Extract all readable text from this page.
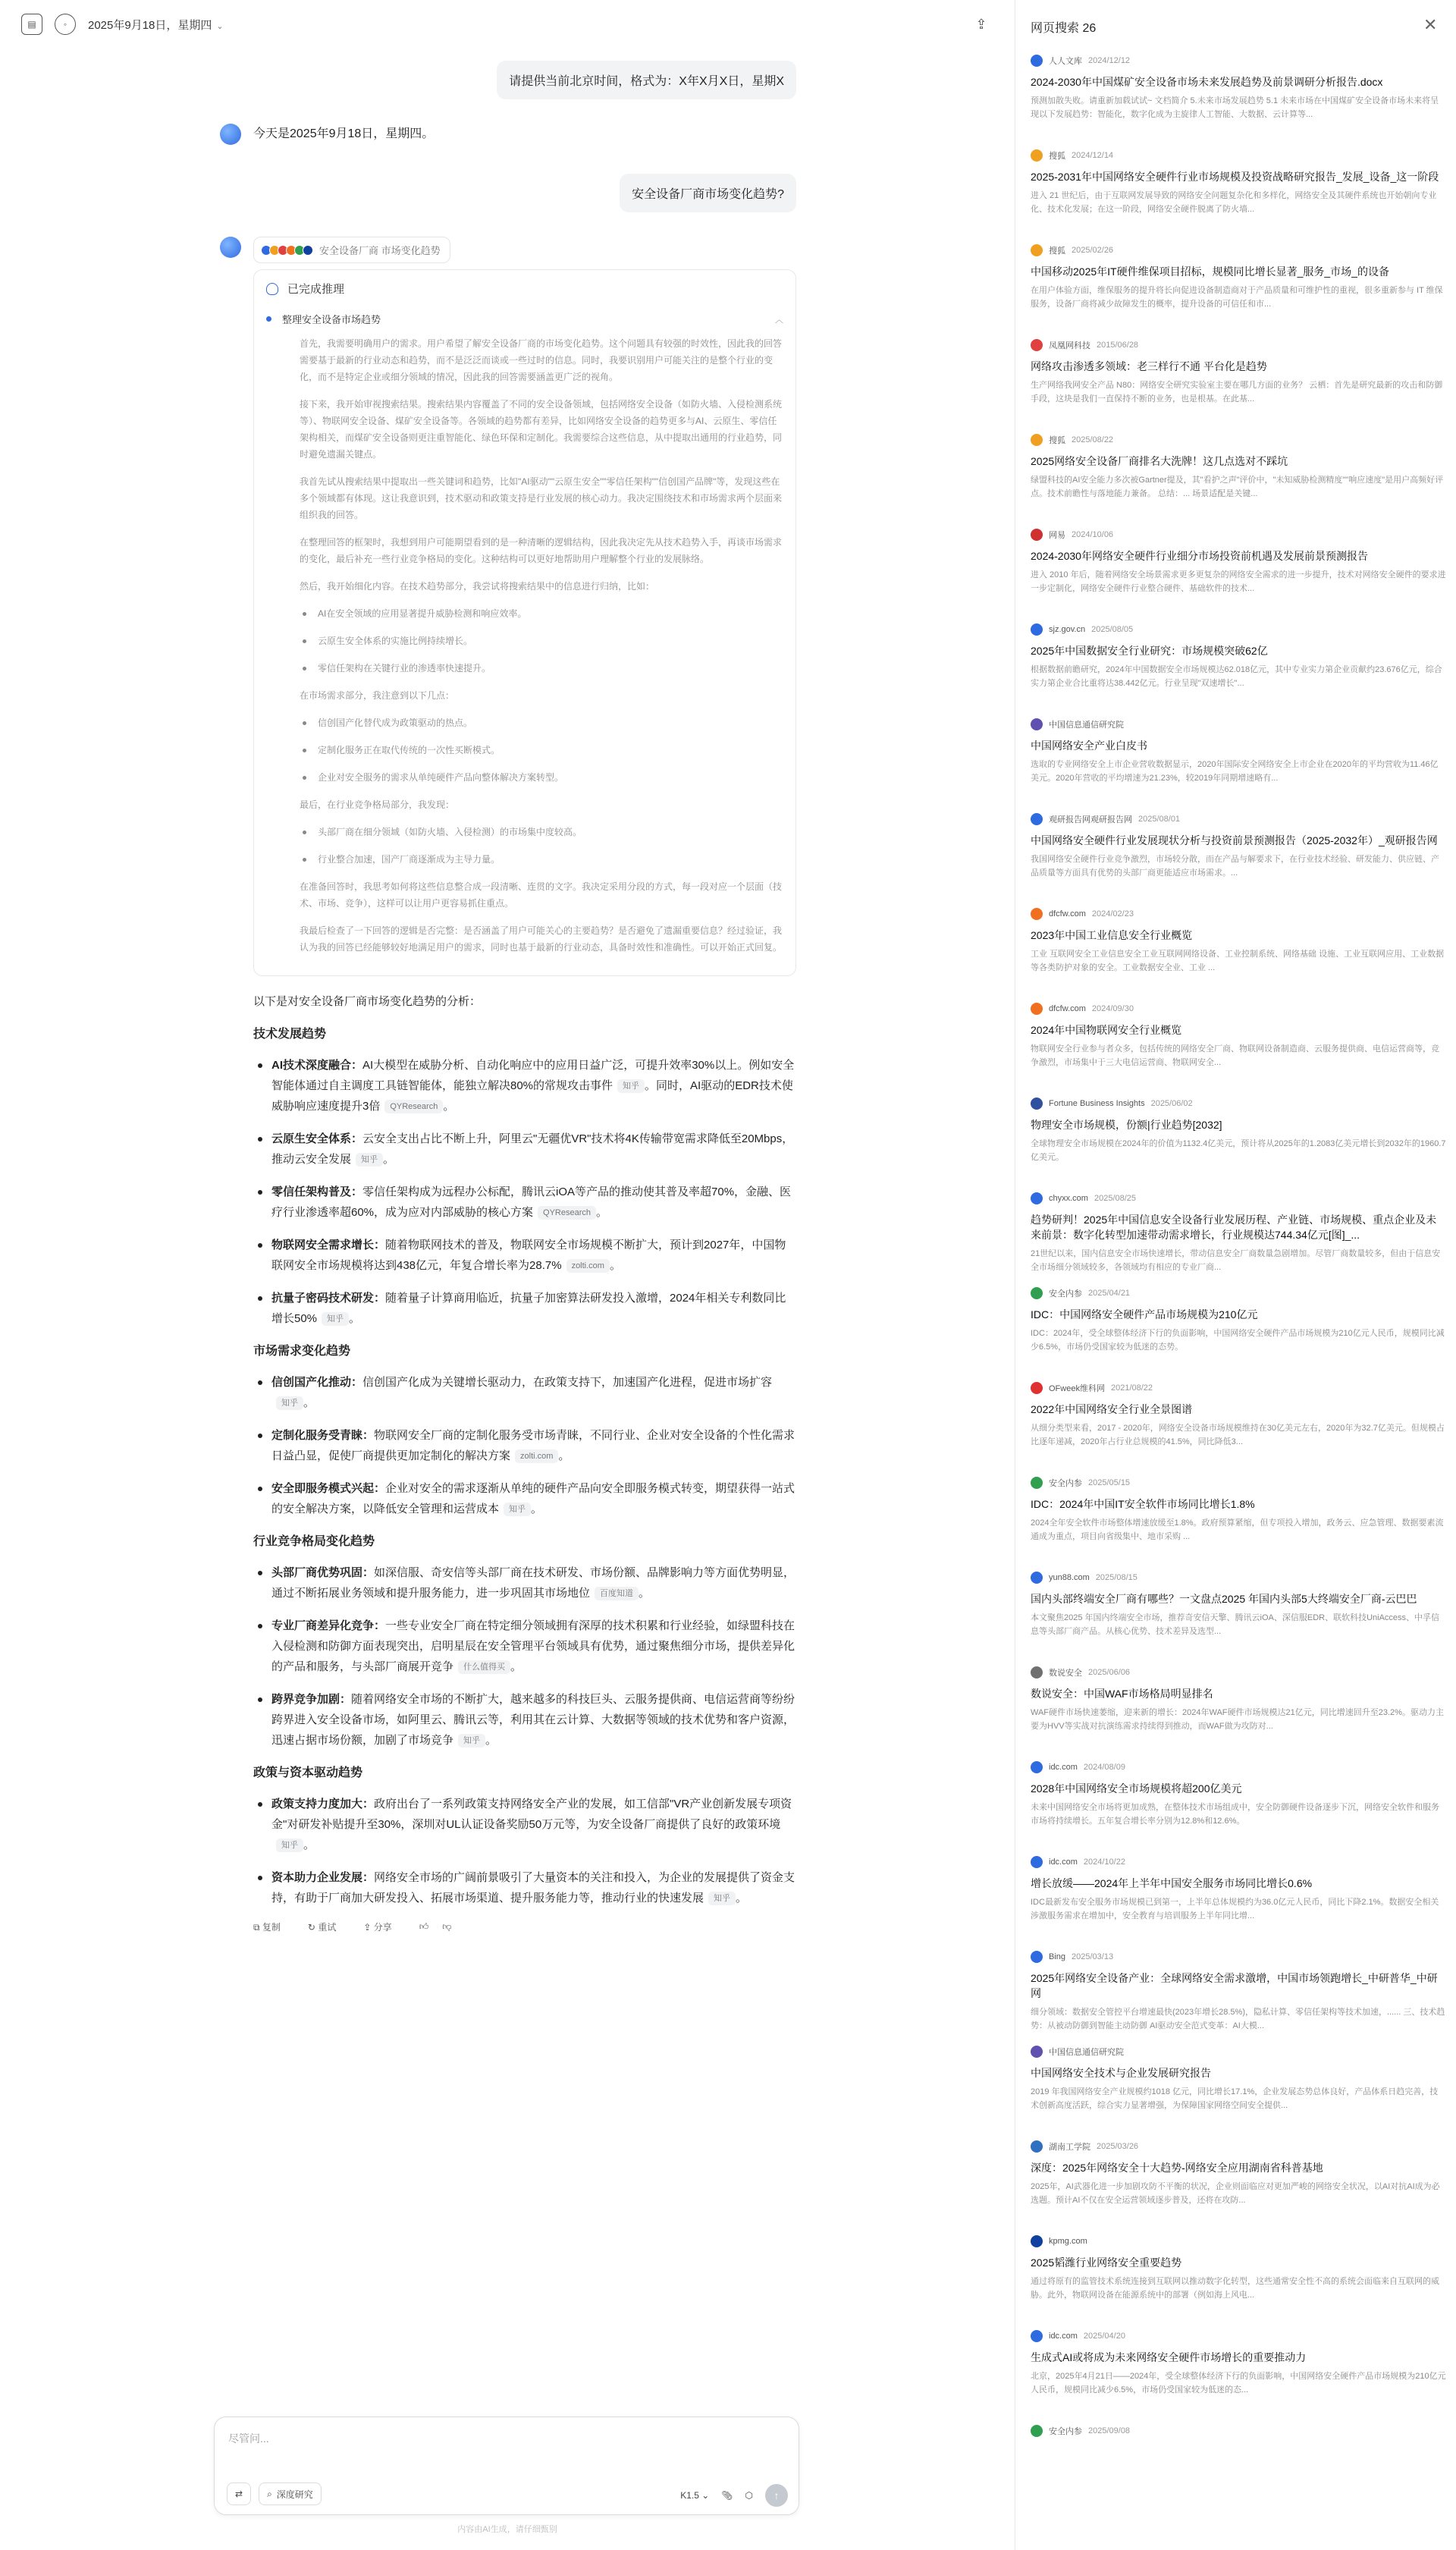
▤	◦	2025年9月18日，星期四 ⌄	⇪
请提供当前北京时间，格式为：X年X月X日，星期X
今天是2025年9月18日，星期四。
安全设备厂商市场变化趋势?
安全设备厂商 市场变化趋势
已完成推理
整理安全设备市场趋势	︿

首先，我需要明确用户的需求。用户希望了解安全设备厂商的市场变化趋势。这个问题具有较强的时效性，因此我的回答需要基于最新的行业动态和趋势，而不是泛泛而谈或一些过时的信息。同时，我要识别用户可能关注的是整个行业的变化，而不是特定企业或细分领域的情况，因此我的回答需要涵盖更广泛的视角。

接下来，我开始审视搜索结果。搜索结果内容覆盖了不同的安全设备领域，包括网络安全设备（如防火墙、入侵检测系统等）、物联网安全设备、煤矿安全设备等。各领域的趋势都有差异，比如网络安全设备的趋势更多与AI、云原生、零信任架构相关，而煤矿安全设备则更注重智能化、绿色环保和定制化。我需要综合这些信息，从中提取出通用的行业趋势，同时避免遗漏关键点。

我首先试从搜索结果中提取出一些关键词和趋势，比如"AI驱动""云原生安全""零信任架构""信创国产品牌"等，发现这些在多个领域都有体现。这让我意识到，技术驱动和政策支持是行业发展的核心动力。我决定围绕技术和市场需求两个层面来组织我的回答。

在整理回答的框架时，我想到用户可能期望看到的是一种清晰的逻辑结构，因此我决定先从技术趋势入手，再谈市场需求的变化，最后补充一些行业竞争格局的变化。这种结构可以更好地帮助用户理解整个行业的发展脉络。

然后，我开始细化内容。在技术趋势部分，我尝试将搜索结果中的信息进行归纳，比如：

AI在安全领域的应用显著提升威胁检测和响应效率。
云原生安全体系的实施比例持续增长。
零信任架构在关键行业的渗透率快速提升。

在市场需求部分，我注意到以下几点：

信创国产化替代成为政策驱动的热点。
定制化服务正在取代传统的一次性买断模式。
企业对安全服务的需求从单纯硬件产品向整体解决方案转型。

最后，在行业竞争格局部分，我发现：

头部厂商在细分领域（如防火墙、入侵检测）的市场集中度较高。
行业整合加速，国产厂商逐渐成为主导力量。

在准备回答时，我思考如何将这些信息整合成一段清晰、连贯的文字。我决定采用分段的方式，每一段对应一个层面（技术、市场、竞争），这样可以让用户更容易抓住重点。

我最后检查了一下回答的逻辑是否完整：是否涵盖了用户可能关心的主要趋势？是否避免了遗漏重要信息？经过验证，我认为我的回答已经能够较好地满足用户的需求，同时也基于最新的行业动态，具备时效性和准确性。可以开始正式回复。

以下是对安全设备厂商市场变化趋势的分析：
技术发展趋势
AI技术深度融合：AI大模型在威胁分析、自动化响应中的应用日益广泛，可提升效率30%以上。例如安全智能体通过自主调度工具链智能体，能独立解决80%的常规攻击事件 知乎 。同时，AI驱动的EDR技术使威胁响应速度提升3倍 QYResearch 。
云原生安全体系：云安全支出占比不断上升，阿里云"无疆优VR"技术将4K传输带宽需求降低至20Mbps，推动云安全发展 知乎 。
零信任架构普及：零信任架构成为远程办公标配，腾讯云iOA等产品的推动使其普及率超70%，金融、医疗行业渗透率超60%，成为应对内部威胁的核心方案 QYResearch 。
物联网安全需求增长：随着物联网技术的普及，物联网安全市场规模不断扩大，预计到2027年，中国物联网安全市场规模将达到438亿元，年复合增长率为28.7% zolti.com 。
抗量子密码技术研发：随着量子计算商用临近，抗量子加密算法研发投入激增，2024年相关专利数同比增长50% 知乎 。
市场需求变化趋势
信创国产化推动：信创国产化成为关键增长驱动力，在政策支持下，加速国产化进程，促进市场扩容知乎 。
定制化服务受青睐：物联网安全厂商的定制化服务受市场青睐，不同行业、企业对安全设备的个性化需求日益凸显，促使厂商提供更加定制化的解决方案 zolti.com 。
安全即服务模式兴起：企业对安全的需求逐渐从单纯的硬件产品向安全即服务模式转变，期望获得一站式的安全解决方案，以降低安全管理和运营成本 知乎 。
行业竞争格局变化趋势
头部厂商优势巩固：如深信服、奇安信等头部厂商在技术研发、市场份额、品牌影响力等方面优势明显，通过不断拓展业务领域和提升服务能力，进一步巩固其市场地位 百度知道 。
专业厂商差异化竞争：一些专业安全厂商在特定细分领域拥有深厚的技术积累和行业经验，如绿盟科技在入侵检测和防御方面表现突出，启明星辰在安全管理平台领域具有优势，通过聚焦细分市场，提供差异化的产品和服务，与头部厂商展开竞争 什么值得买 。
跨界竞争加剧：随着网络安全市场的不断扩大，越来越多的科技巨头、云服务提供商、电信运营商等纷纷跨界进入安全设备市场，如阿里云、腾讯云等，利用其在云计算、大数据等领域的技术优势和客户资源，迅速占据市场份额，加剧了市场竞争 知乎 。
政策与资本驱动趋势
政策支持力度加大：政府出台了一系列政策支持网络安全产业的发展，如工信部"VR产业创新发展专项资金"对研发补贴提升至30%，深圳对UL认证设备奖励50万元等，为安全设备厂商提供了良好的政策环境知乎 。
资本助力企业发展：网络安全市场的广阔前景吸引了大量资本的关注和投入，为企业的发展提供了资金支持，有助于厂商加大研发投入、拓展市场渠道、提升服务能力等，推动行业的快速发展 知乎 。
⧉ 复制	↻ 重试	⇪ 分享	👍︎ 👎︎
尽管问...
⇄	⌕ 深度研究	K1.5 ⌄ 📎︎ ⬡	↑
内容由AI生成，请仔细甄别
网页搜索 26	✕
人人文库 2024/12/12
2024-2030年中国煤矿安全设备市场未来发展趋势及前景调研分析报告.docx
预测加散失败。请重新加载试试~ 文档简介 5.未来市场发展趋势 5.1 未来市场在中国煤矿安全设备市场未来将呈现以下发展趋势：智能化，数字化成为主旋律人工智能、大数据、云计算等...
搜狐 2024/12/14
2025-2031年中国网络安全硬件行业市场规模及投资战略研究报告_发展_设备_这一阶段
进入 21 世纪后，由于互联网发展导致的网络安全问题复杂化和多样化，网络安全及其硬件系统也开始朝向专业化、技术化发展；在这一阶段，网络安全硬件脱离了防火墙...
搜狐 2025/02/26
中国移动2025年IT硬件维保项目招标，规模同比增长显著_服务_市场_的设备
在用户体验方面，维保服务的提升将长向促进设备制造商对于产品质量和可维护性的重视，很多重新参与 IT 维保服务，设备厂商将减少故障发生的概率，提升设备的可信任和市...
凤凰网科技 2015/06/28
网络攻击渗透多领域：老三样行不通 平台化是趋势
生产网络我网安全产品 N80：网络安全研究实验室主要在哪几方面的业务？ 云栖：首先是研究最新的攻击和防御手段，这块是我们一直保持不断的业务，也是根基。在此基...
搜狐 2025/08/22
2025网络安全设备厂商排名大洗牌！这几点选对不踩坑
绿盟科技的AI安全能力多次被Gartner提及，其"看护之声"评价中，"未知威胁检测精度""响应速度"是用户高频好评点。技术前瞻性与落地能力兼备。 总结：... 场景适配是关键...
网易 2024/10/06
2024-2030年网络安全硬件行业细分市场投资前机遇及发展前景预测报告
进入 2010 年后，随着网络安全场景需求更多更复杂的网络安全需求的进一步提升，技术对网络安全硬件的要求进一步定制化，网络安全硬件行业整合硬件、基础软件的技术...
sjz.gov.cn 2025/08/05
2025年中国数据安全行业研究：市场规模突破62亿
根据数据前瞻研究，2024年中国数据安全市场规模达62.018亿元，其中专业实力第企业贡献约23.676亿元，综合实力第企业合比重将达38.442亿元。行业呈现"双速增长"...
中国信息通信研究院
中国网络安全产业白皮书
选取的专业网络安全上市企业营收数据显示，2020年国际安全网络安全上市企业在2020年的平均营收为11.46亿美元。2020年营收的平均增速为21.23%，较2019年同期增速略有...
观研报告网观研报告网 2025/08/01
中国网络安全硬件行业发展现状分析与投资前景预测报告（2025-2032年）_观研报告网
我国网络安全硬件行业竞争激烈，市场较分散，而在产品与解要求下，在行业技术经验、研发能力、供应链、产品质量等方面具有优势的头部厂商更能适应市场需求。...
dfcfw.com 2024/02/23
2023年中国工业信息安全行业概览
工业 互联网安全工业信息安全工业互联网网络设备、工业控制系统、网络基础 设施、工业互联网应用、工业数据等各类防护对象的安全。工业数据安全业、工业 ...
dfcfw.com 2024/09/30
2024年中国物联网安全行业概览
物联网安全行业参与者众多，包括传统的网络安全厂商、物联网设备制造商、云服务提供商、电信运营商等，竞争激烈，市场集中于三大电信运营商、物联网安全...
Fortune Business Insights 2025/06/02
物理安全市场规模，份额|行业趋势[2032]
全球物理安全市场规模在2024年的价值为1132.4亿美元，预计将从2025年的1.2083亿美元增长到2032年的1960.7亿美元。
chyxx.com 2025/08/25
趋势研判！2025年中国信息安全设备行业发展历程、产业链、市场规模、重点企业及未来前景：数字化转型加速带动需求增长，行业规模达744.34亿元[图]_...
21世纪以来，国内信息安全市场快速增长，带动信息安全厂商数量急剧增加。尽管厂商数量较多，但由于信息安全市场细分领域较多，各领域均有相应的专业厂商...
安全内参 2025/04/21
IDC：中国网络安全硬件产品市场规模为210亿元
IDC：2024年，受全球整体经济下行的负面影响，中国网络安全硬件产品市场规模为210亿元人民币，规模同比减少6.5%，市场仍受国家较为低迷的态势。
OFweek维科网 2021/08/22
2022年中国网络安全行业全景图谱
从细分类型来看，2017 - 2020年，网络安全设备市场规模维持在30亿美元左右，2020年为32.7亿美元。但规模占比逐年递减，2020年占行业总规模的41.5%，同比降低3...
安全内参 2025/05/15
IDC：2024年中国IT安全软件市场同比增长1.8%
2024全年安全软件市场整体增速放缓至1.8%。政府预算紧缩，但专项投入增加，政务云、应急管理、数据要素流通成为重点，项目向省级集中、地市采购 ...
yun88.com 2025/08/15
国内头部终端安全厂商有哪些？一文盘点2025 年国内头部5大终端安全厂商-云巴巴
本文聚焦2025 年国内终端安全市场，推荐奇安信天擎、腾讯云iOA、深信服EDR、联软科技UniAccess、中孚信息等头部厂商产品。从核心优势、技术差异及选型...
数说安全 2025/06/06
数说安全：中国WAF市场格局明显排名
WAF硬件市场快速萎缩，迎来新的增长：2024年WAF硬件市场规模达21亿元，同比增速回升至23.2%。驱动力主要为HVV等实战对抗演练需求持续得到推动，而WAF做为攻防对...
idc.com 2024/08/09
2028年中国网络安全市场规模将超200亿美元
未来中国网络安全市场将更加成熟，在整体技术市场组成中，安全防御硬件设备逐步下沉，网络安全软件和服务市场将持续增长。五年复合增长率分别为12.8%和12.6%。
idc.com 2024/10/22
增长放缓——2024年上半年中国安全服务市场同比增长0.6%
IDC最新发布安全服务市场规模已到第一，上半年总体规模约为36.0亿元人民币，同比下降2.1%。数据安全相关涉激服务需求在增加中，安全教育与培训服务上半年同比增...
Bing 2025/03/13
2025年网络安全设备产业：全球网络安全需求激增，中国市场领跑增长_中研普华_中研网
细分领域：数据安全管控平台增速最快(2023年增长28.5%)，隐私计算、零信任架构等技术加速，...... 三、技术趋势：从被动防御到智能主动防御 AI驱动安全范式变革：AI大模...
中国信息通信研究院
中国网络安全技术与企业发展研究报告
2019 年我国网络安全产业规模约1018 亿元，同比增长17.1%，企业发展态势总体良好，产品体系日趋完善，技术创新高度活跃，综合实力显著增强，为保障国家网络空间安全提供...
湖南工学院 2025/03/26
深度：2025年网络安全十大趋势-网络安全应用湖南省科普基地
2025年，AI武器化进一步加剧攻防不平衡的状况，企业则面临应对更加严峻的网络安全状况，以AI对抗AI成为必选题。预计AI不仅在安全运营领域逐步普及，还将在攻防...
kpmg.com
2025韬潍行业网络安全重要趋势
通过将原有的监管技术系统连接到互联网以推动数字化转型，这些通常安全性不高的系统会面临来自互联网的威胁。此外，物联网设备在能源系统中的部署（例如海上风电...
idc.com 2025/04/20
生成式AI或将成为未来网络安全硬件市场增长的重要推动力
北京，2025年4月21日——2024年，受全球整体经济下行的负面影响，中国网络安全硬件产品市场规模为210亿元人民币，规模同比减少6.5%，市场仍受国家较为低迷的态...
安全内参 2025/09/08
